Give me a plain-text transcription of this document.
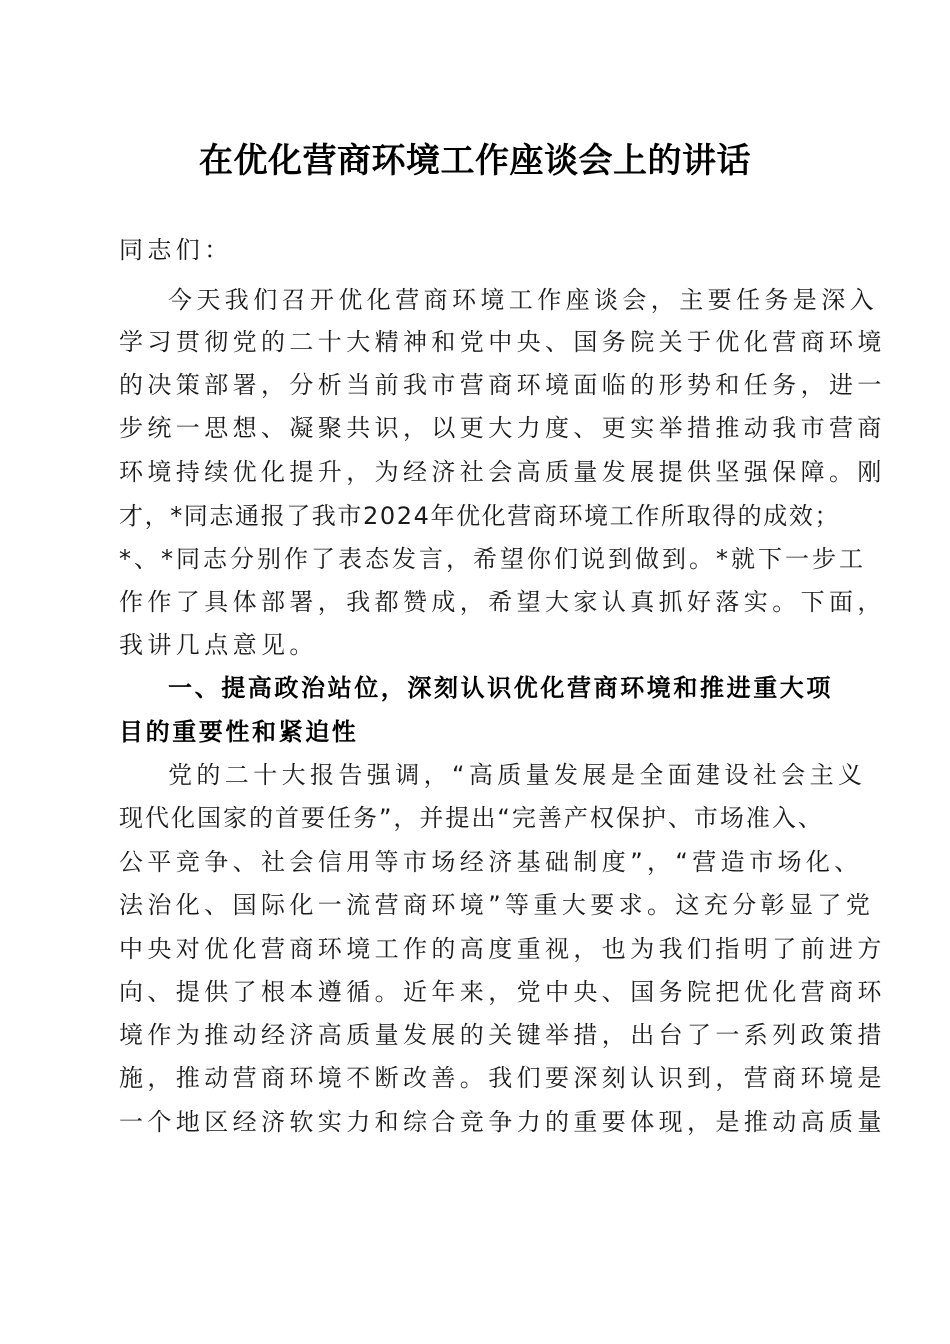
在优化营商环境工作座谈会上的讲话
同志们：
今天我们召开优化营商环境工作座谈会，主要任务是深入
学习贯彻党的二十大精神和党中央、国务院关于优化营商环境
的决策部署，分析当前我市营商环境面临的形势和任务，进一
步统一思想、凝聚共识，以更大力度、更实举措推动我市营商
环境持续优化提升，为经济社会高质量发展提供坚强保障。刚
才，*同志通报了我市2024年优化营商环境工作所取得的成效；
*、*同志分别作了表态发言，希望你们说到做到。*就下一步工
作作了具体部署，我都赞成，希望大家认真抓好落实。下面，
我讲几点意见。
一、提高政治站位，深刻认识优化营商环境和推进重大项
目的重要性和紧迫性
党的二十大报告强调，“高质量发展是全面建设社会主义
现代化国家的首要任务”，并提出“完善产权保护、市场准入、
公平竞争、社会信用等市场经济基础制度”，“营造市场化、
法治化、国际化一流营商环境”等重大要求。这充分彰显了党
中央对优化营商环境工作的高度重视，也为我们指明了前进方
向、提供了根本遵循。近年来，党中央、国务院把优化营商环
境作为推动经济高质量发展的关键举措，出台了一系列政策措
施，推动营商环境不断改善。我们要深刻认识到，营商环境是
一个地区经济软实力和综合竞争力的重要体现，是推动高质量
